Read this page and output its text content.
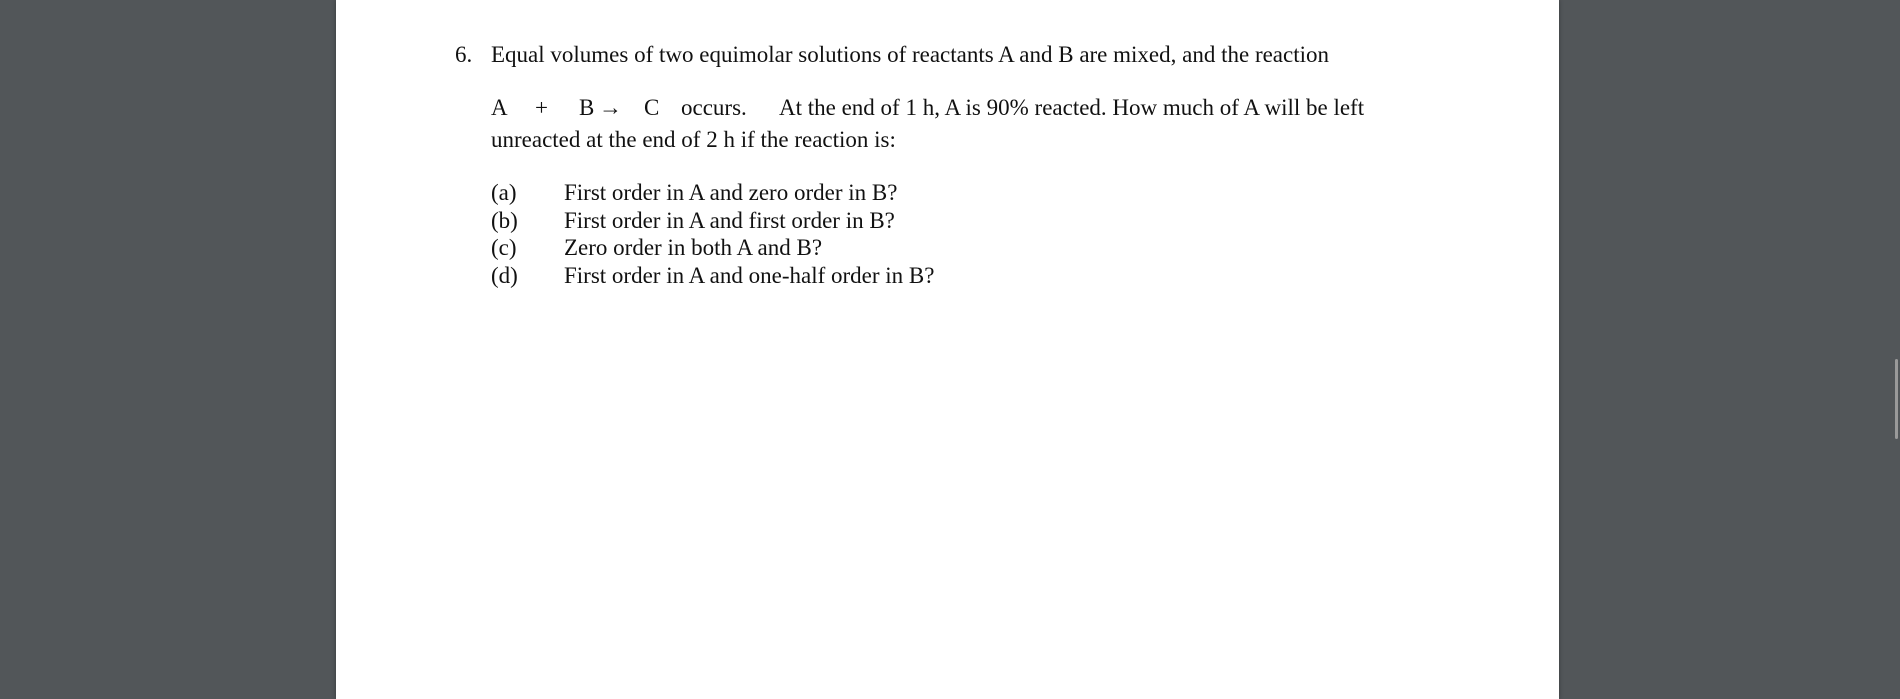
6. Equal volumes of two equimolar solutions of reactants A and B are mixed, and the reaction
A + B → C occurs. At the end of 1 h, A is 90% reacted. How much of A will be left
unreacted at the end of 2 h if the reaction is:
(a) First order in A and zero order in B?
(b) First order in A and first order in B?
(c) Zero order in both A and B?
(d) First order in A and one-half order in B?
